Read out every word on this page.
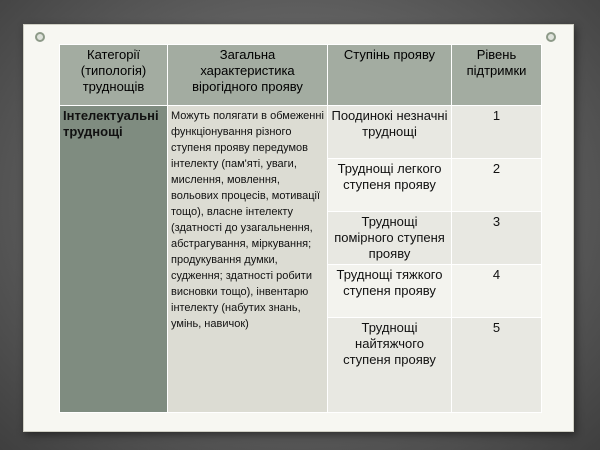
Категорії (типологія) труднощів	Загальна характеристика вірогідного прояву	Ступінь прояву	Рівень підтримки
Інтелектуальні труднощі	Можуть полягати в обмеженні функціонування різного ступеня прояву передумов інтелекту (пам'яті, уваги, мислення, мовлення, вольових процесів, мотивації тощо), власне інтелекту (здатності до узагальнення, абстрагування, міркування; продукування думки, судження; здатності робити висновки тощо), інвентарю інтелекту (набутих знань, умінь, навичок)	Поодинокі незначні труднощі	1
		Труднощі легкого ступеня прояву	2
		Труднощі помірного ступеня прояву	3
		Труднощі тяжкого ступеня прояву	4
		Труднощі найтяжчого ступеня прояву	5
